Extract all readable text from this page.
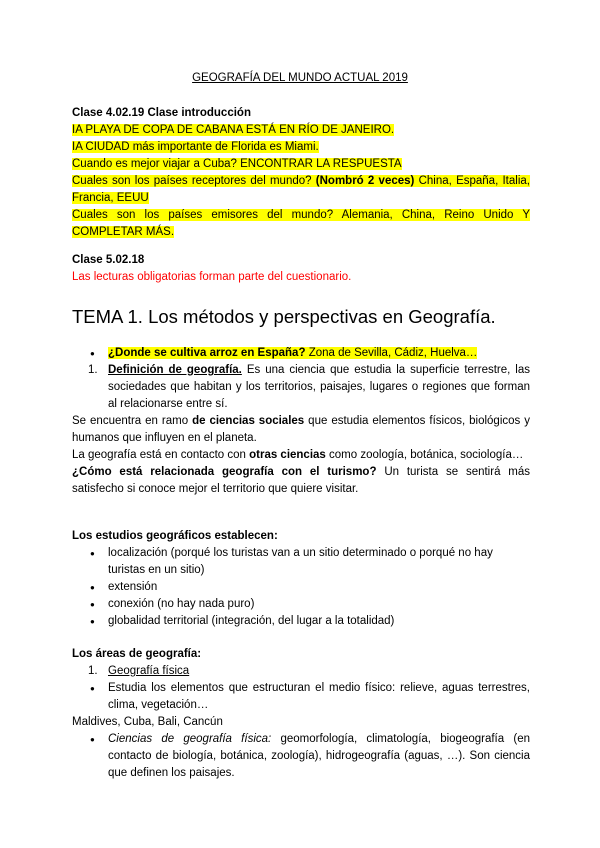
GEOGRAFÍA DEL MUNDO ACTUAL 2019
Clase 4.02.19 Clase introducción
IA PLAYA DE COPA DE CABANA ESTÁ EN RÍO DE JANEIRO.
IA CIUDAD más importante de Florida es Miami.
Cuando es mejor viajar a Cuba? ENCONTRAR LA RESPUESTA
Cuales son los países receptores del mundo? (Nombró 2 veces) China, España, Italia, Francia, EEUU
Cuales son los países emisores del mundo? Alemania, China, Reino Unido Y COMPLETAR MÁS.
Clase 5.02.18
Las lecturas obligatorias forman parte del cuestionario.
TEMA 1. Los métodos y perspectivas en Geografía.
● ¿Donde se cultiva arroz en España? Zona de Sevilla, Cádiz, Huelva…
1. Definición de geografía. Es una ciencia que estudia la superficie terrestre, las sociedades que habitan y los territorios, paisajes, lugares o regiones que forman al relacionarse entre sí.
Se encuentra en ramo de ciencias sociales que estudia elementos físicos, biológicos y humanos que influyen en el planeta.
La geografía está en contacto con otras ciencias como zoología, botánica, sociología…
¿Cómo está relacionada geografía con el turismo? Un turista se sentirá más satisfecho si conoce mejor el territorio que quiere visitar.
Los estudios geográficos establecen:
● localización (porqué los turistas van a un sitio determinado o porqué no hay turistas en un sitio)
● extensión
● conexión (no hay nada puro)
● globalidad territorial (integración, del lugar a la totalidad)
Los áreas de geografía:
1. Geografía física
● Estudia los elementos que estructuran el medio físico: relieve, aguas terrestres, clima, vegetación…
Maldives, Cuba, Bali, Cancún
● Ciencias de geografía física: geomorfología, climatología, biogeografía (en contacto de biología, botánica, zoología), hidrogeografía (aguas, …). Son ciencia que definen los paisajes.
